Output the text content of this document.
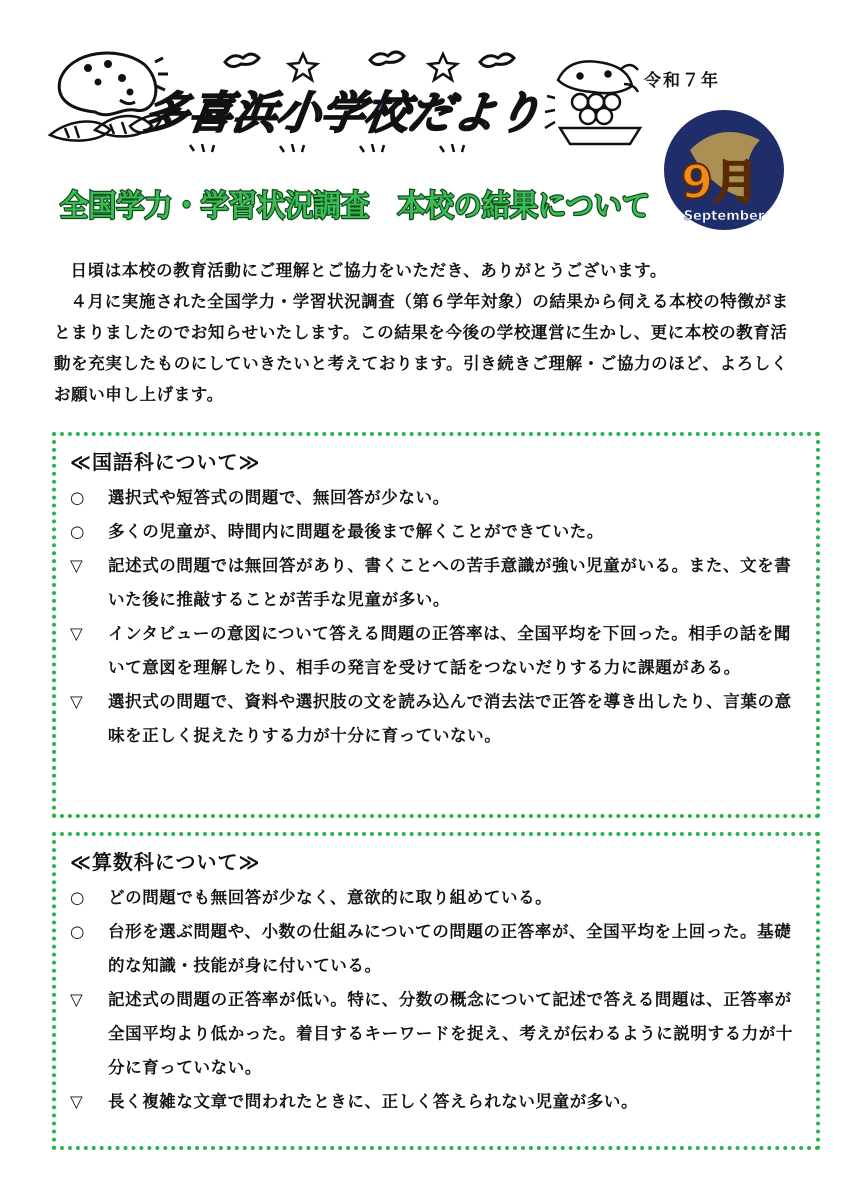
多喜浜小学校だより
令和７年
9月
September
全国学力・学習状況調査　本校の結果について

日頃は本校の教育活動にご理解とご協力をいただき、ありがとうございます。

４月に実施された全国学力・学習状況調査（第６学年対象）の結果から伺える本校の特徴がまとまりましたのでお知らせいたします。この結果を今後の学校運営に生かし、更に本校の教育活動を充実したものにしていきたいと考えております。引き続きご理解・ご協力のほど、よろしくお願い申し上げます。

≪国語科について≫
○	選択式や短答式の問題で、無回答が少ない。
○	多くの児童が、時間内に問題を最後まで解くことができていた。
▽	記述式の問題では無回答があり、書くことへの苦手意識が強い児童がいる。また、文を書いた後に推敲することが苦手な児童が多い。
▽	インタビューの意図について答える問題の正答率は、全国平均を下回った。相手の話を聞いて意図を理解したり、相手の発言を受けて話をつないだりする力に課題がある。
▽	選択式の問題で、資料や選択肢の文を読み込んで消去法で正答を導き出したり、言葉の意味を正しく捉えたりする力が十分に育っていない。
≪算数科について≫
○	どの問題でも無回答が少なく、意欲的に取り組めている。
○	台形を選ぶ問題や、小数の仕組みについての問題の正答率が、全国平均を上回った。基礎的な知識・技能が身に付いている。
▽	記述式の問題の正答率が低い。特に、分数の概念について記述で答える問題は、正答率が全国平均より低かった。着目するキーワードを捉え、考えが伝わるように説明する力が十分に育っていない。
▽	長く複雑な文章で問われたときに、正しく答えられない児童が多い。
